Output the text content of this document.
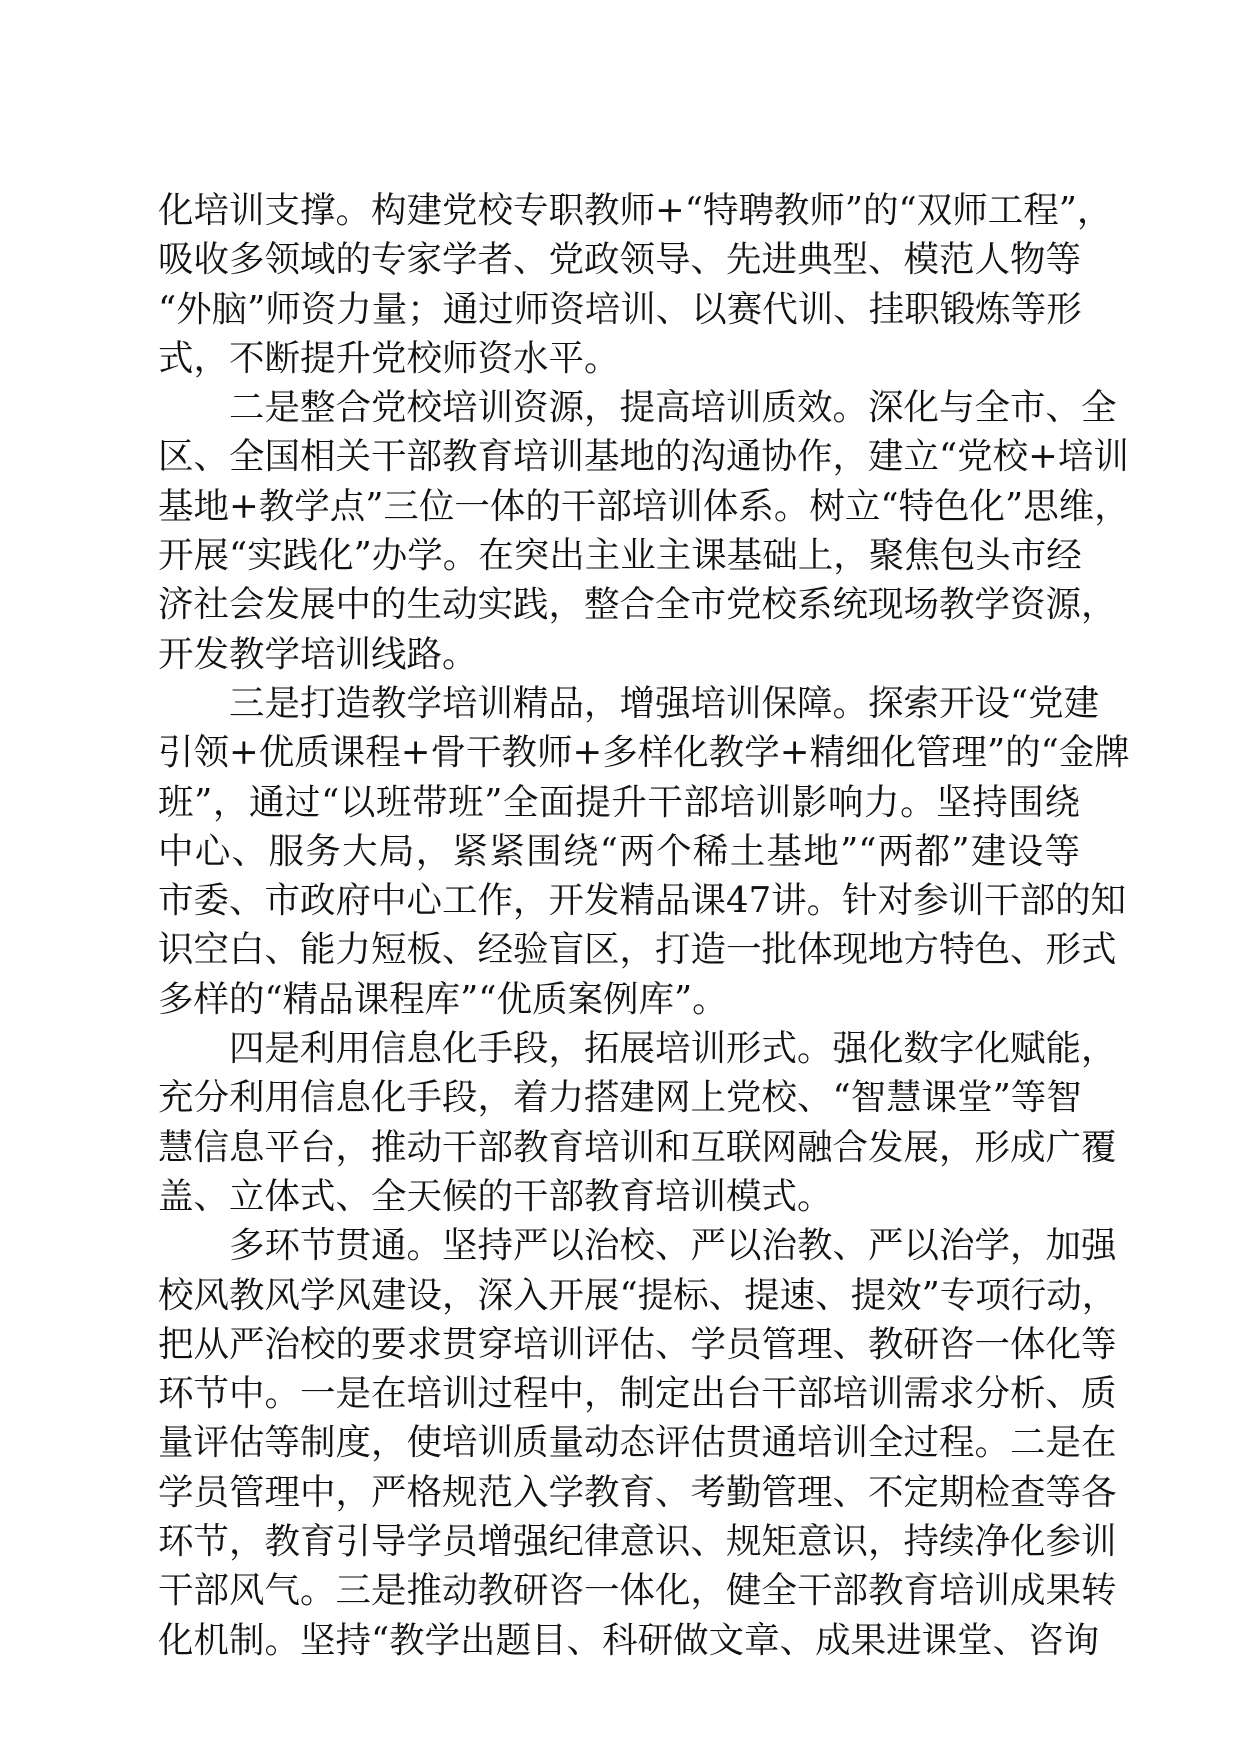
化培训支撑。构建党校专职教师+“特聘教师”的“双师工程”，
吸收多领域的专家学者、党政领导、先进典型、模范人物等
“外脑”师资力量；通过师资培训、以赛代训、挂职锻炼等形
式，不断提升党校师资水平。
二是整合党校培训资源，提高培训质效。深化与全市、全
区、全国相关干部教育培训基地的沟通协作，建立“党校+培训
基地+教学点”三位一体的干部培训体系。树立“特色化”思维，
开展“实践化”办学。在突出主业主课基础上，聚焦包头市经
济社会发展中的生动实践，整合全市党校系统现场教学资源，
开发教学培训线路。
三是打造教学培训精品，增强培训保障。探索开设“党建
引领+优质课程+骨干教师+多样化教学+精细化管理”的“金牌
班”，通过“以班带班”全面提升干部培训影响力。坚持围绕
中心、服务大局，紧紧围绕“两个稀土基地”“两都”建设等
市委、市政府中心工作，开发精品课47讲。针对参训干部的知
识空白、能力短板、经验盲区，打造一批体现地方特色、形式
多样的“精品课程库”“优质案例库”。
四是利用信息化手段，拓展培训形式。强化数字化赋能，
充分利用信息化手段，着力搭建网上党校、“智慧课堂”等智
慧信息平台，推动干部教育培训和互联网融合发展，形成广覆
盖、立体式、全天候的干部教育培训模式。
多环节贯通。坚持严以治校、严以治教、严以治学，加强
校风教风学风建设，深入开展“提标、提速、提效”专项行动，
把从严治校的要求贯穿培训评估、学员管理、教研咨一体化等
环节中。一是在培训过程中，制定出台干部培训需求分析、质
量评估等制度，使培训质量动态评估贯通培训全过程。二是在
学员管理中，严格规范入学教育、考勤管理、不定期检查等各
环节，教育引导学员增强纪律意识、规矩意识，持续净化参训
干部风气。三是推动教研咨一体化，健全干部教育培训成果转
化机制。坚持“教学出题目、科研做文章、成果进课堂、咨询
